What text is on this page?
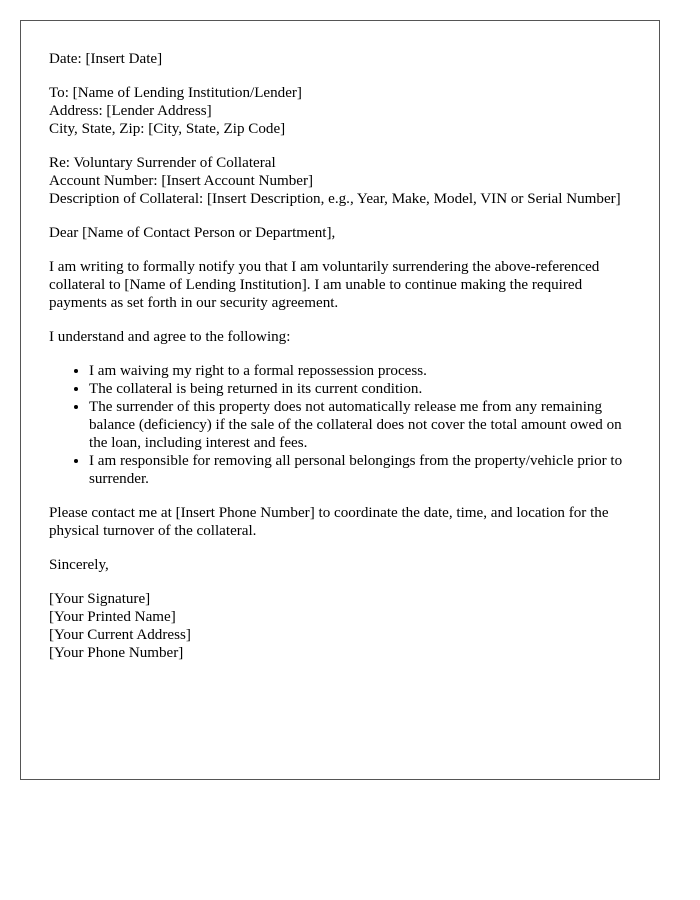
Date: [Insert Date]
To: [Name of Lending Institution/Lender]
Address: [Lender Address]
City, State, Zip: [City, State, Zip Code]
Re: Voluntary Surrender of Collateral
Account Number: [Insert Account Number]
Description of Collateral: [Insert Description, e.g., Year, Make, Model, VIN or Serial Number]

Dear [Name of Contact Person or Department],

I am writing to formally notify you that I am voluntarily surrendering the above-referenced collateral to [Name of Lending Institution]. I am unable to continue making the required payments as set forth in our security agreement.

I understand and agree to the following:

• I am waiving my right to a formal repossession process.
• The collateral is being returned in its current condition.
• The surrender of this property does not automatically release me from any remaining balance (deficiency) if the sale of the collateral does not cover the total amount owed on the loan, including interest and fees.
• I am responsible for removing all personal belongings from the property/vehicle prior to surrender.

Please contact me at [Insert Phone Number] to coordinate the date, time, and location for the physical turnover of the collateral.

Sincerely,

[Your Signature]
[Your Printed Name]
[Your Current Address]
[Your Phone Number]
